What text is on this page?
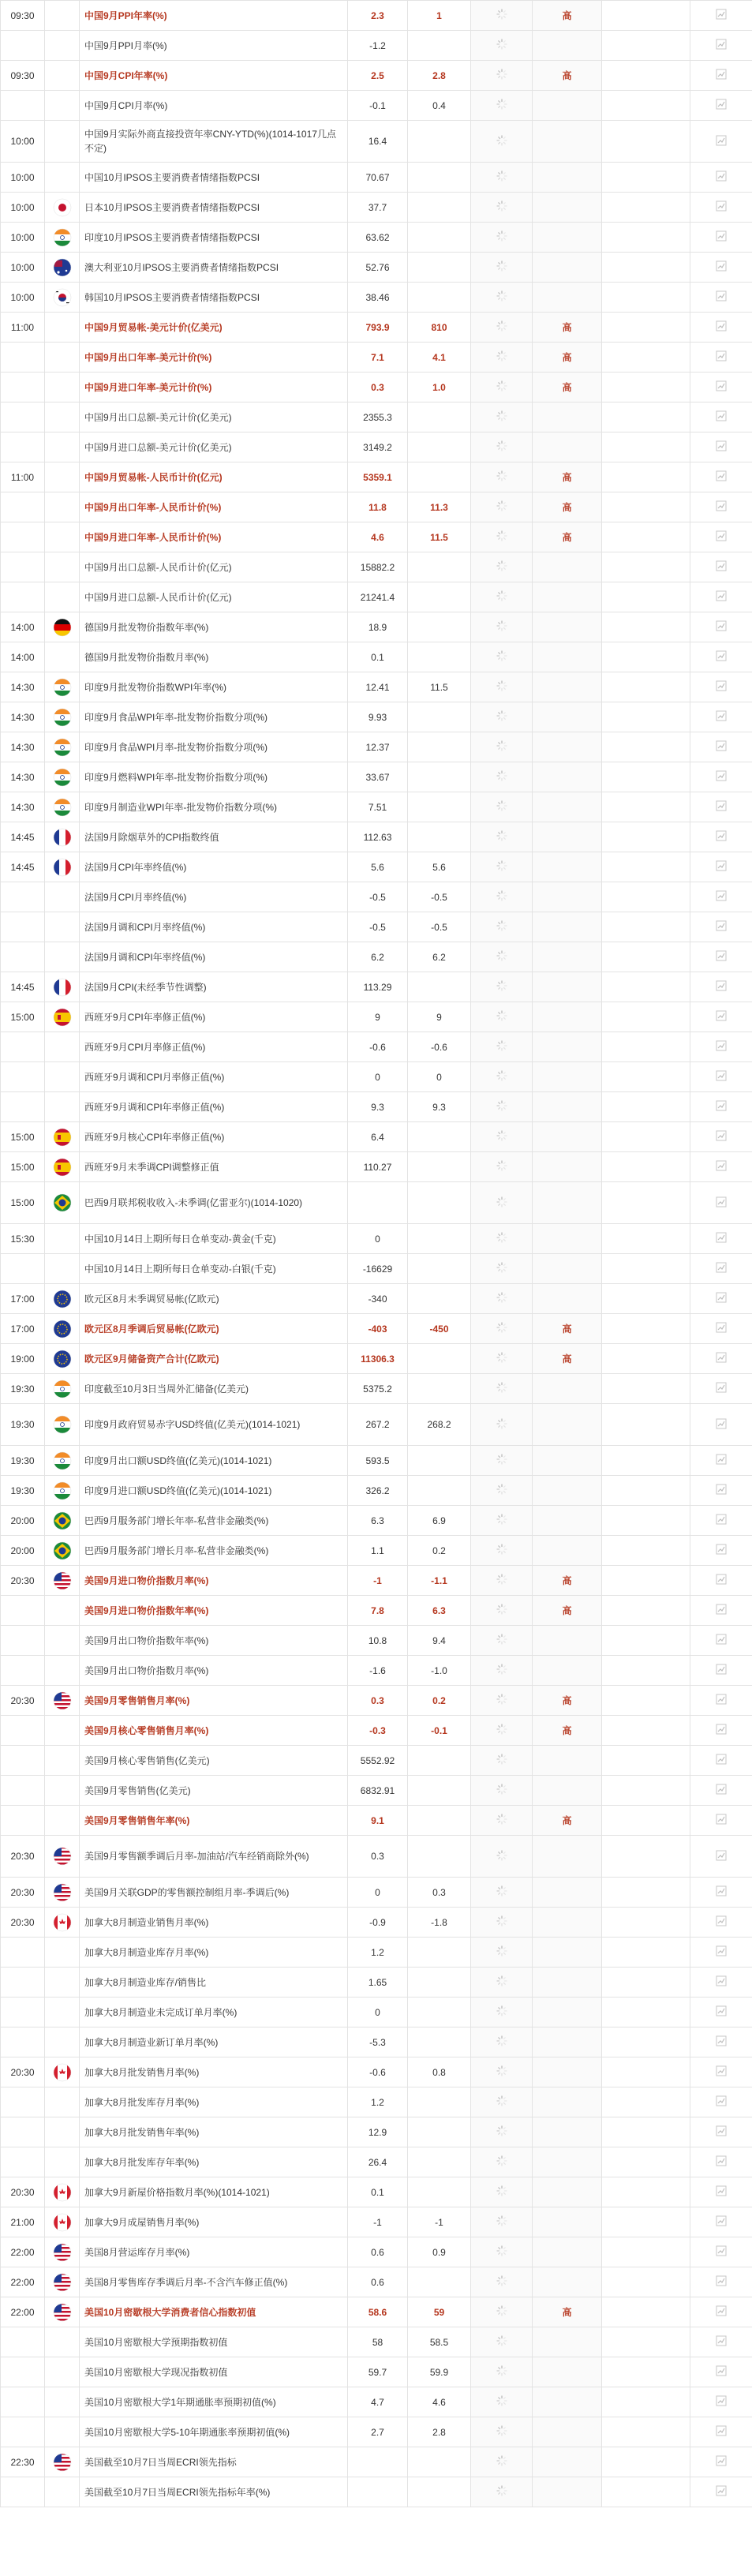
09:30		中国9月PPI年率(%)	2.3	1		高		
		中国9月PPI月率(%)	-1.2					
09:30		中国9月CPI年率(%)	2.5	2.8		高		
		中国9月CPI月率(%)	-0.1	0.4				
10:00		中国9月实际外商直接投资年率CNY-YTD(%)(1014-1017几点不定)	16.4					
10:00		中国10月IPSOS主要消费者情绪指数PCSI	70.67					
10:00		日本10月IPSOS主要消费者情绪指数PCSI	37.7					
10:00		印度10月IPSOS主要消费者情绪指数PCSI	63.62					
10:00		澳大利亚10月IPSOS主要消费者情绪指数PCSI	52.76					
10:00		韩国10月IPSOS主要消费者情绪指数PCSI	38.46					
11:00		中国9月贸易帐-美元计价(亿美元)	793.9	810		高		
		中国9月出口年率-美元计价(%)	7.1	4.1		高		
		中国9月进口年率-美元计价(%)	0.3	1.0		高		
		中国9月出口总额-美元计价(亿美元)	2355.3					
		中国9月进口总额-美元计价(亿美元)	3149.2					
11:00		中国9月贸易帐-人民币计价(亿元)	5359.1			高		
		中国9月出口年率-人民币计价(%)	11.8	11.3		高		
		中国9月进口年率-人民币计价(%)	4.6	11.5		高		
		中国9月出口总额-人民币计价(亿元)	15882.2					
		中国9月进口总额-人民币计价(亿元)	21241.4					
14:00		德国9月批发物价指数年率(%)	18.9					
14:00		德国9月批发物价指数月率(%)	0.1					
14:30		印度9月批发物价指数WPI年率(%)	12.41	11.5				
14:30		印度9月食品WPI年率-批发物价指数分项(%)	9.93					
14:30		印度9月食品WPI月率-批发物价指数分项(%)	12.37					
14:30		印度9月燃料WPI年率-批发物价指数分项(%)	33.67					
14:30		印度9月制造业WPI年率-批发物价指数分项(%)	7.51					
14:45		法国9月除烟草外的CPI指数终值	112.63					
14:45		法国9月CPI年率终值(%)	5.6	5.6				
		法国9月CPI月率终值(%)	-0.5	-0.5				
		法国9月调和CPI月率终值(%)	-0.5	-0.5				
		法国9月调和CPI年率终值(%)	6.2	6.2				
14:45		法国9月CPI(未经季节性调整)	113.29					
15:00		西班牙9月CPI年率修正值(%)	9	9				
		西班牙9月CPI月率修正值(%)	-0.6	-0.6				
		西班牙9月调和CPI月率修正值(%)	0	0				
		西班牙9月调和CPI年率修正值(%)	9.3	9.3				
15:00		西班牙9月核心CPI年率修正值(%)	6.4					
15:00		西班牙9月未季调CPI调整修正值	110.27					
15:00		巴西9月联邦税收收入-未季调(亿雷亚尔)(1014-1020)						
15:30		中国10月14日上期所每日仓单变动-黄金(千克)	0					
		中国10月14日上期所每日仓单变动-白银(千克)	-16629					
17:00		欧元区8月未季调贸易帐(亿欧元)	-340					
17:00		欧元区8月季调后贸易帐(亿欧元)	-403	-450		高		
19:00		欧元区9月储备资产合计(亿欧元)	11306.3			高		
19:30		印度截至10月3日当周外汇储备(亿美元)	5375.2					
19:30		印度9月政府贸易赤字USD终值(亿美元)(1014-1021)	267.2	268.2				
19:30		印度9月出口额USD终值(亿美元)(1014-1021)	593.5					
19:30		印度9月进口额USD终值(亿美元)(1014-1021)	326.2					
20:00		巴西9月服务部门增长年率-私营非金融类(%)	6.3	6.9				
20:00		巴西9月服务部门增长月率-私营非金融类(%)	1.1	0.2				
20:30		美国9月进口物价指数月率(%)	-1	-1.1		高		
		美国9月进口物价指数年率(%)	7.8	6.3		高		
		美国9月出口物价指数年率(%)	10.8	9.4				
		美国9月出口物价指数月率(%)	-1.6	-1.0				
20:30		美国9月零售销售月率(%)	0.3	0.2		高		
		美国9月核心零售销售月率(%)	-0.3	-0.1		高		
		美国9月核心零售销售(亿美元)	5552.92					
		美国9月零售销售(亿美元)	6832.91					
		美国9月零售销售年率(%)	9.1			高		
20:30		美国9月零售额季调后月率-加油站/汽车经销商除外(%)	0.3					
20:30		美国9月关联GDP的零售额控制组月率-季调后(%)	0	0.3				
20:30		加拿大8月制造业销售月率(%)	-0.9	-1.8				
		加拿大8月制造业库存月率(%)	1.2					
		加拿大8月制造业库存/销售比	1.65					
		加拿大8月制造业未完成订单月率(%)	0					
		加拿大8月制造业新订单月率(%)	-5.3					
20:30		加拿大8月批发销售月率(%)	-0.6	0.8				
		加拿大8月批发库存月率(%)	1.2					
		加拿大8月批发销售年率(%)	12.9					
		加拿大8月批发库存年率(%)	26.4					
20:30		加拿大9月新屋价格指数月率(%)(1014-1021)	0.1					
21:00		加拿大9月成屋销售月率(%)	-1	-1				
22:00		美国8月营运库存月率(%)	0.6	0.9				
22:00		美国8月零售库存季调后月率-不含汽车修正值(%)	0.6					
22:00		美国10月密歇根大学消费者信心指数初值	58.6	59		高		
		美国10月密歇根大学预期指数初值	58	58.5				
		美国10月密歇根大学现况指数初值	59.7	59.9				
		美国10月密歇根大学1年期通胀率预期初值(%)	4.7	4.6				
		美国10月密歇根大学5-10年期通胀率预期初值(%)	2.7	2.8				
22:30		美国截至10月7日当周ECRI领先指标						
		美国截至10月7日当周ECRI领先指标年率(%)						
